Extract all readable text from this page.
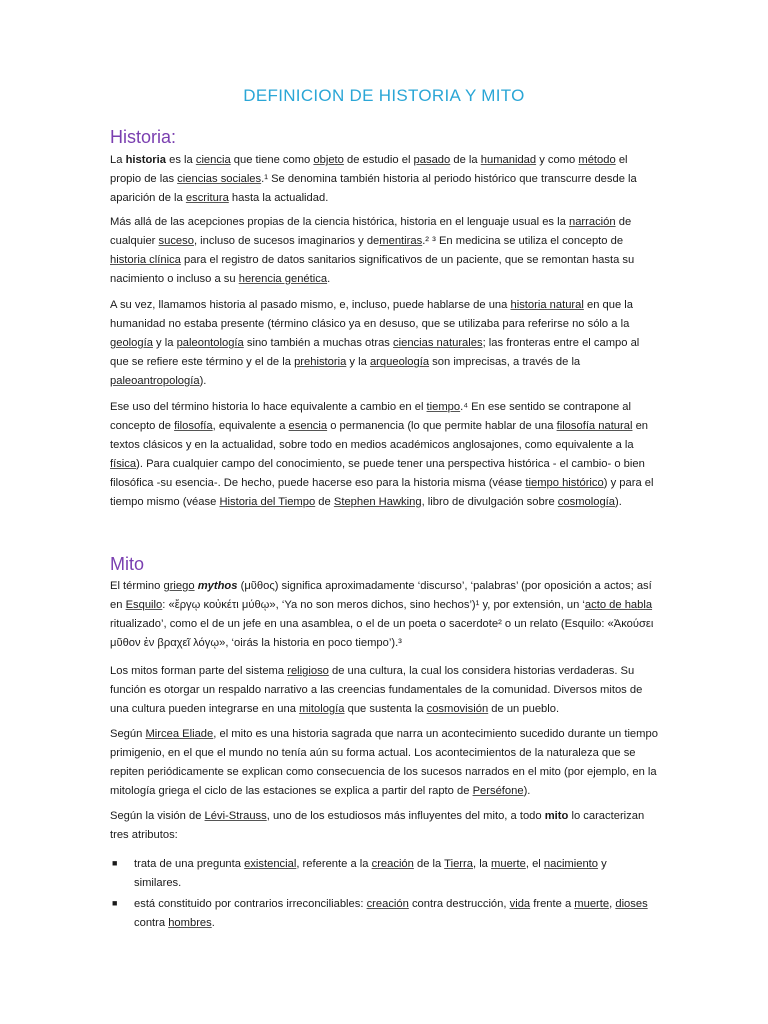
DEFINICION DE HISTORIA Y MITO
Historia:

La historia es la ciencia que tiene como objeto de estudio el pasado de la humanidad y como método el propio de las ciencias sociales.¹ Se denomina también historia al periodo histórico que transcurre desde la aparición de la escritura hasta la actualidad.

Más allá de las acepciones propias de la ciencia histórica, historia en el lenguaje usual es la narración de cualquier suceso, incluso de sucesos imaginarios y dementiras.² ³ En medicina se utiliza el concepto de historia clínica para el registro de datos sanitarios significativos de un paciente, que se remontan hasta su nacimiento o incluso a su herencia genética.

A su vez, llamamos historia al pasado mismo, e, incluso, puede hablarse de una historia natural en que la humanidad no estaba presente (término clásico ya en desuso, que se utilizaba para referirse no sólo a la geología y la paleontología sino también a muchas otras ciencias naturales; las fronteras entre el campo al que se refiere este término y el de la prehistoria y la arqueología son imprecisas, a través de la paleoantropología).

Ese uso del término historia lo hace equivalente a cambio en el tiempo.⁴ En ese sentido se contrapone al concepto de filosofía, equivalente a esencia o permanencia (lo que permite hablar de una filosofía natural en textos clásicos y en la actualidad, sobre todo en medios académicos anglosajones, como equivalente a la física). Para cualquier campo del conocimiento, se puede tener una perspectiva histórica - el cambio- o bien filosófica -su esencia-. De hecho, puede hacerse eso para la historia misma (véase tiempo histórico) y para el tiempo mismo (véase Historia del Tiempo de Stephen Hawking, libro de divulgación sobre cosmología).

Mito

El término griego mythos (μῦθος) significa aproximadamente ‘discurso’, ‘palabras’ (por oposición a actos; así en Esquilo: «ἔργῳ κοὐκέτι μύθῳ», ‘Ya no son meros dichos, sino hechos’)¹ y, por extensión, un ‘acto de habla ritualizado’, como el de un jefe en una asamblea, o el de un poeta o sacerdote² o un relato (Esquilo: «Ἀκούσει μῦθον ἐν βραχεῖ λόγῳ», ‘oirás la historia en poco tiempo’).³

Los mitos forman parte del sistema religioso de una cultura, la cual los considera historias verdaderas. Su función es otorgar un respaldo narrativo a las creencias fundamentales de la comunidad. Diversos mitos de una cultura pueden integrarse en una mitología que sustenta la cosmovisión de un pueblo.

Según Mircea Eliade, el mito es una historia sagrada que narra un acontecimiento sucedido durante un tiempo primigenio, en el que el mundo no tenía aún su forma actual. Los acontecimientos de la naturaleza que se repiten periódicamente se explican como consecuencia de los sucesos narrados en el mito (por ejemplo, en la mitología griega el ciclo de las estaciones se explica a partir del rapto de Perséfone).

Según la visión de Lévi-Strauss, uno de los estudiosos más influyentes del mito, a todo mito lo caracterizan tres atributos:

■ trata de una pregunta existencial, referente a la creación de la Tierra, la muerte, el nacimiento y similares.

■ está constituido por contrarios irreconciliables: creación contra destrucción, vida frente a muerte, dioses contra hombres.
